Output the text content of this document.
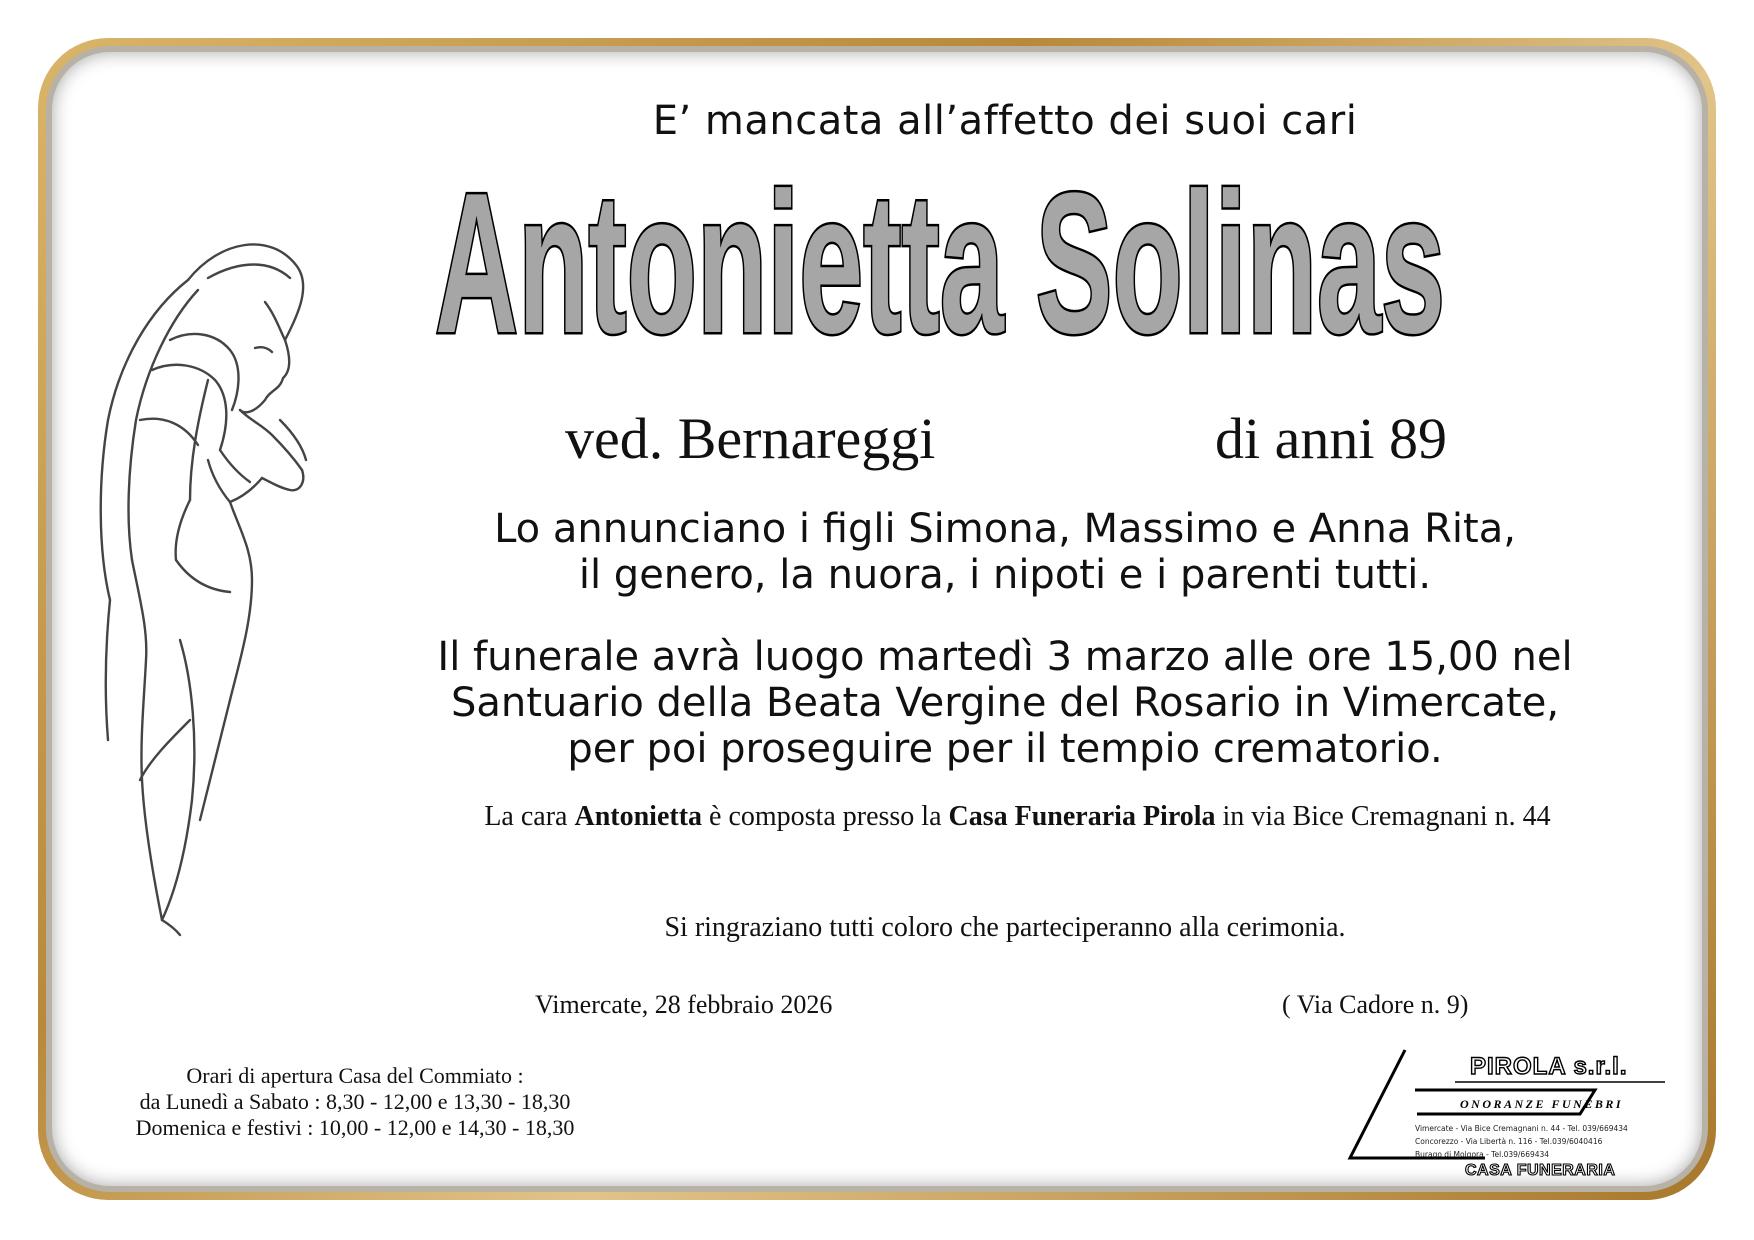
E’ mancata all’affetto dei suoi cari
Antonietta Solinas
ved. Bernareggi	di anni 89
Lo annunciano i figli Simona, Massimo e Anna Rita,
il genero, la nuora, i nipoti e i parenti tutti.
Il funerale avrà luogo martedì 3 marzo alle ore 15,00 nel
Santuario della Beata Vergine del Rosario in Vimercate,
per poi proseguire per il tempio crematorio.
La cara Antonietta è composta presso la Casa Funeraria Pirola in via Bice Cremagnani n. 44
Si ringraziano tutti coloro che parteciperanno alla cerimonia.
Vimercate, 28 febbraio 2026	( Via Cadore n. 9)
Orari di apertura Casa del Commiato :
da Lunedì a Sabato : 8,30 - 12,00 e 13,30 - 18,30
Domenica e festivi : 10,00 - 12,00 e 14,30 - 18,30
PIROLA s.r.l.
ONORANZE FUNEBRI
Vimercate - Via Bice Cremagnani n. 44 - Tel. 039/669434
Concorezzo - Via Libertà n. 116 - Tel.039/6040416
Burago di Molgora - Tel.039/669434
CASA FUNERARIA
